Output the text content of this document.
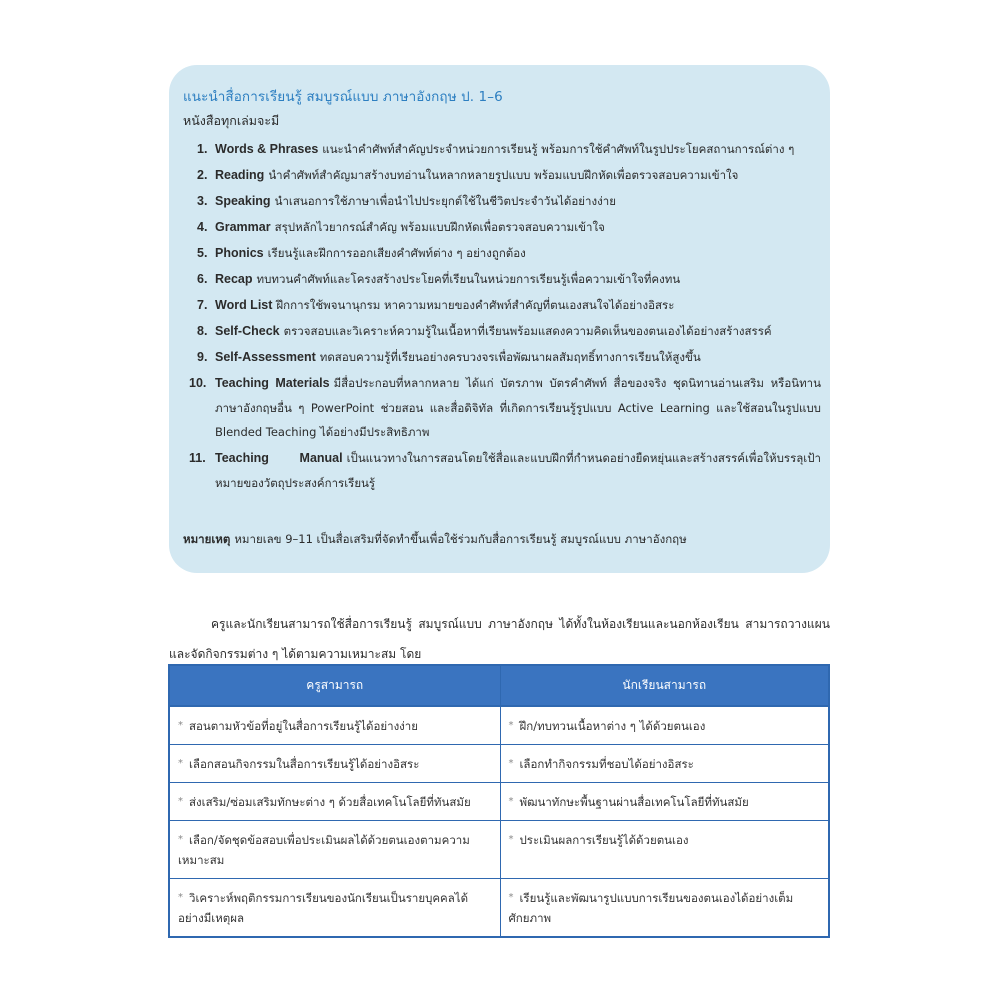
แนะนำสื่อการเรียนรู้ สมบูรณ์แบบ ภาษาอังกฤษ ป. 1–6
หนังสือทุกเล่มจะมี
1. Words & Phrases แนะนำคำศัพท์สำคัญประจำหน่วยการเรียนรู้ พร้อมการใช้คำศัพท์ในรูปประโยคสถานการณ์ต่าง ๆ
2. Reading นำคำศัพท์สำคัญมาสร้างบทอ่านในหลากหลายรูปแบบ พร้อมแบบฝึกหัดเพื่อตรวจสอบความเข้าใจ
3. Speaking นำเสนอการใช้ภาษาเพื่อนำไปประยุกต์ใช้ในชีวิตประจำวันได้อย่างง่าย
4. Grammar สรุปหลักไวยากรณ์สำคัญ พร้อมแบบฝึกหัดเพื่อตรวจสอบความเข้าใจ
5. Phonics เรียนรู้และฝึกการออกเสียงคำศัพท์ต่าง ๆ อย่างถูกต้อง
6. Recap ทบทวนคำศัพท์และโครงสร้างประโยคที่เรียนในหน่วยการเรียนรู้เพื่อความเข้าใจที่คงทน
7. Word List ฝึกการใช้พจนานุกรม หาความหมายของคำศัพท์สำคัญที่ตนเองสนใจได้อย่างอิสระ
8. Self-Check ตรวจสอบและวิเคราะห์ความรู้ในเนื้อหาที่เรียนพร้อมแสดงความคิดเห็นของตนเองได้อย่างสร้างสรรค์
9. Self-Assessment ทดสอบความรู้ที่เรียนอย่างครบวงจรเพื่อพัฒนาผลสัมฤทธิ์ทางการเรียนให้สูงขึ้น
10. Teaching Materials มีสื่อประกอบที่หลากหลาย ได้แก่ บัตรภาพ บัตรคำศัพท์ สื่อของจริง ชุดนิทานอ่านเสริม หรือนิทานภาษาอังกฤษอื่น ๆ PowerPoint ช่วยสอน และสื่อดิจิทัล ที่เกิดการเรียนรู้รูปแบบ Active Learning และใช้สอนในรูปแบบ Blended Teaching ได้อย่างมีประสิทธิภาพ
11. Teaching Manual เป็นแนวทางในการสอนโดยใช้สื่อและแบบฝึกที่กำหนดอย่างยืดหยุ่นและสร้างสรรค์เพื่อให้บรรลุเป้าหมายของวัตถุประสงค์การเรียนรู้
หมายเหตุ หมายเลข 9–11 เป็นสื่อเสริมที่จัดทำขึ้นเพื่อใช้ร่วมกับสื่อการเรียนรู้ สมบูรณ์แบบ ภาษาอังกฤษ

ครูและนักเรียนสามารถใช้สื่อการเรียนรู้ สมบูรณ์แบบ ภาษาอังกฤษ ได้ทั้งในห้องเรียนและนอกห้องเรียน สามารถวางแผนและจัดกิจกรรมต่าง ๆ ได้ตามความเหมาะสม โดย

ครูสามารถ	นักเรียนสามารถ
* สอนตามหัวข้อที่อยู่ในสื่อการเรียนรู้ได้อย่างง่าย	* ฝึก/ทบทวนเนื้อหาต่าง ๆ ได้ด้วยตนเอง
* เลือกสอนกิจกรรมในสื่อการเรียนรู้ได้อย่างอิสระ	* เลือกทำกิจกรรมที่ชอบได้อย่างอิสระ
* ส่งเสริม/ซ่อมเสริมทักษะต่าง ๆ ด้วยสื่อเทคโนโลยีที่ทันสมัย	* พัฒนาทักษะพื้นฐานผ่านสื่อเทคโนโลยีที่ทันสมัย
* เลือก/จัดชุดข้อสอบเพื่อประเมินผลได้ด้วยตนเองตามความเหมาะสม	* ประเมินผลการเรียนรู้ได้ด้วยตนเอง
* วิเคราะห์พฤติกรรมการเรียนของนักเรียนเป็นรายบุคคลได้อย่างมีเหตุผล	* เรียนรู้และพัฒนารูปแบบการเรียนของตนเองได้อย่างเต็มศักยภาพ
